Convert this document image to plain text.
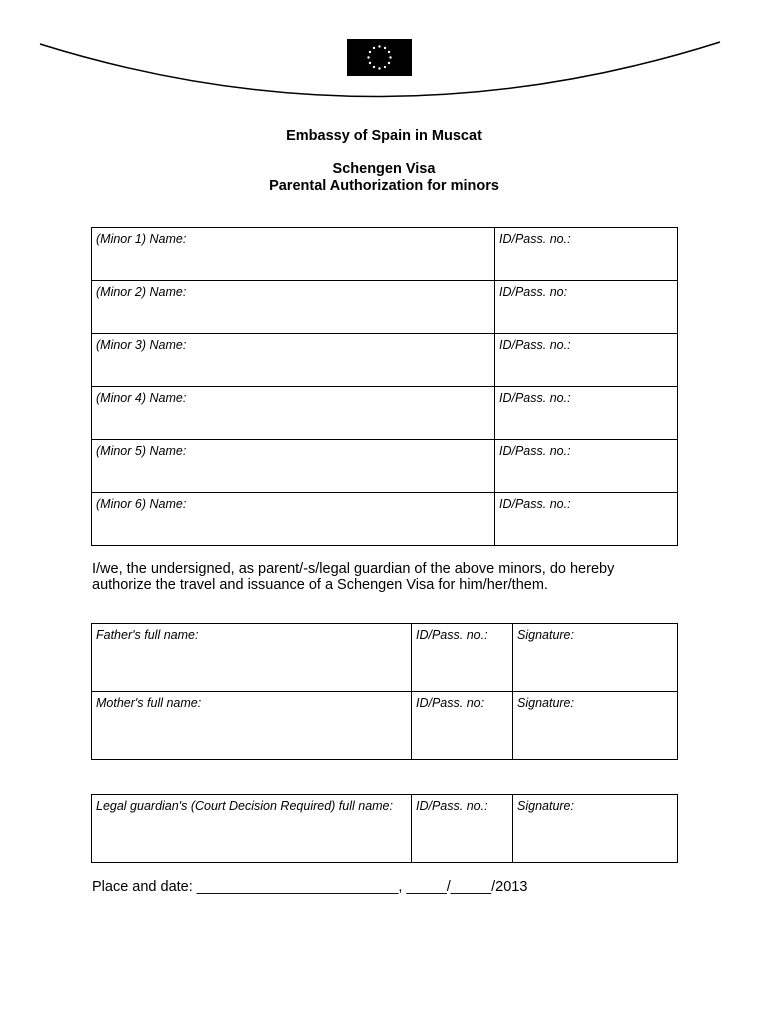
Embassy of Spain in Muscat
Schengen Visa
Parental Authorization for minors
(Minor 1) Name:	ID/Pass. no.:
(Minor 2) Name:	ID/Pass. no:
(Minor 3) Name:	ID/Pass. no.:
(Minor 4) Name:	ID/Pass. no.:
(Minor 5) Name:	ID/Pass. no.:
(Minor 6) Name:	ID/Pass. no.:
I/we, the undersigned, as parent/-s/legal guardian of the above minors, do hereby
authorize the travel and issuance of a Schengen Visa for him/her/them.
Father's full name:	ID/Pass. no.:	Signature:
Mother's full name:	ID/Pass. no:	Signature:
Legal guardian's (Court Decision Required) full name:	ID/Pass. no.:	Signature:
Place and date: _________________________, _____/_____/2013
